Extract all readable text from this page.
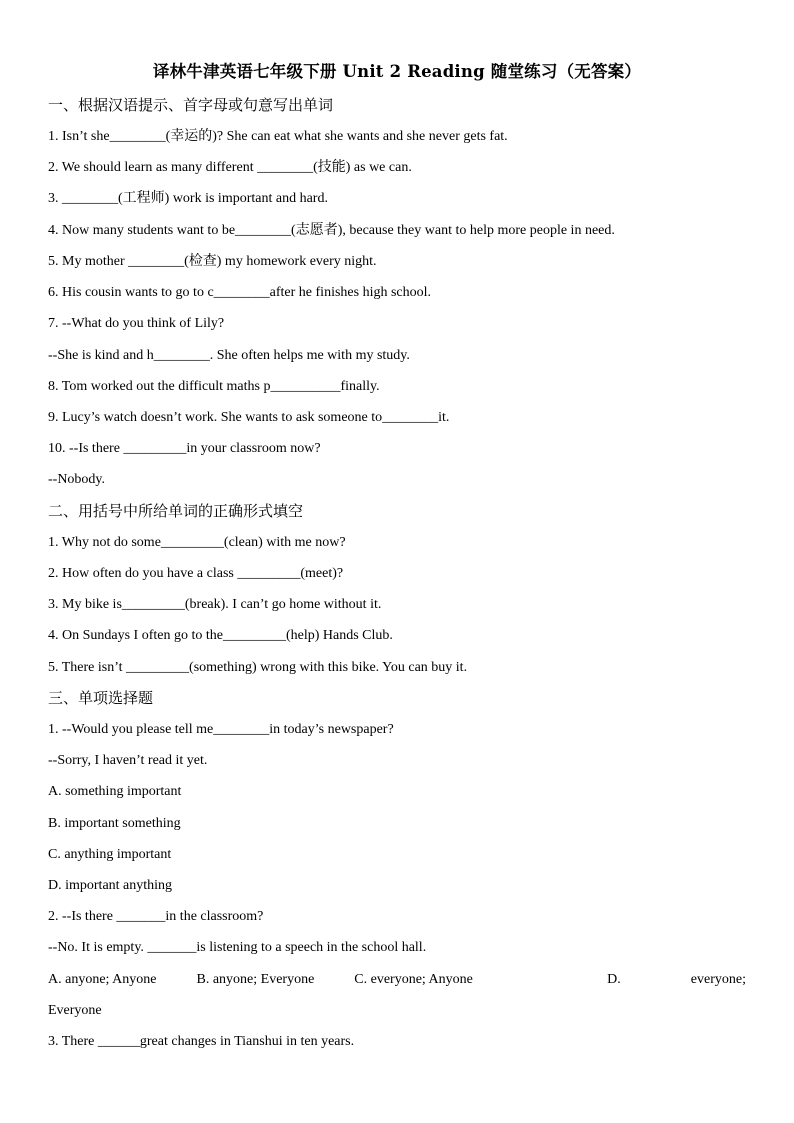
译林牛津英语七年级下册 Unit 2 Reading 随堂练习（无答案）
一、根据汉语提示、首字母或句意写出单词
1. Isn’t she________(幸运的)? She can eat what she wants and she never gets fat.
2. We should learn as many different ________(技能) as we can.
3. ________(工程师) work is important and hard.
4. Now many students want to be________(志愿者), because they want to help more people in need.
5. My mother ________(检查) my homework every night.
6. His cousin wants to go to c________after he finishes high school.
7. --What do you think of Lily?
--She is kind and h________. She often helps me with my study.
8. Tom worked out the difficult maths p__________finally.
9. Lucy’s watch doesn’t work. She wants to ask someone to________it.
10. --Is there _________in your classroom now?
--Nobody.
二、用括号中所给单词的正确形式填空
1. Why not do some_________(clean) with me now?
2. How often do you have a class _________(meet)?
3. My bike is_________(break). I can’t go home without it.
4. On Sundays I often go to the_________(help) Hands Club.
5. There isn’t _________(something) wrong with this bike. You can buy it.
三、单项选择题
1. --Would you please tell me________in today’s newspaper?
--Sorry, I haven’t read it yet.
A. something important
B. important something
C. anything important
D. important anything
2. --Is there _______in the classroom?
--No. It is empty. _______is listening to a speech in the school hall.
A. anyone; Anyone	B. anyone; Everyone	C. everyone; Anyone	D.	everyone;
Everyone
3. There ______great changes in Tianshui in ten years.
